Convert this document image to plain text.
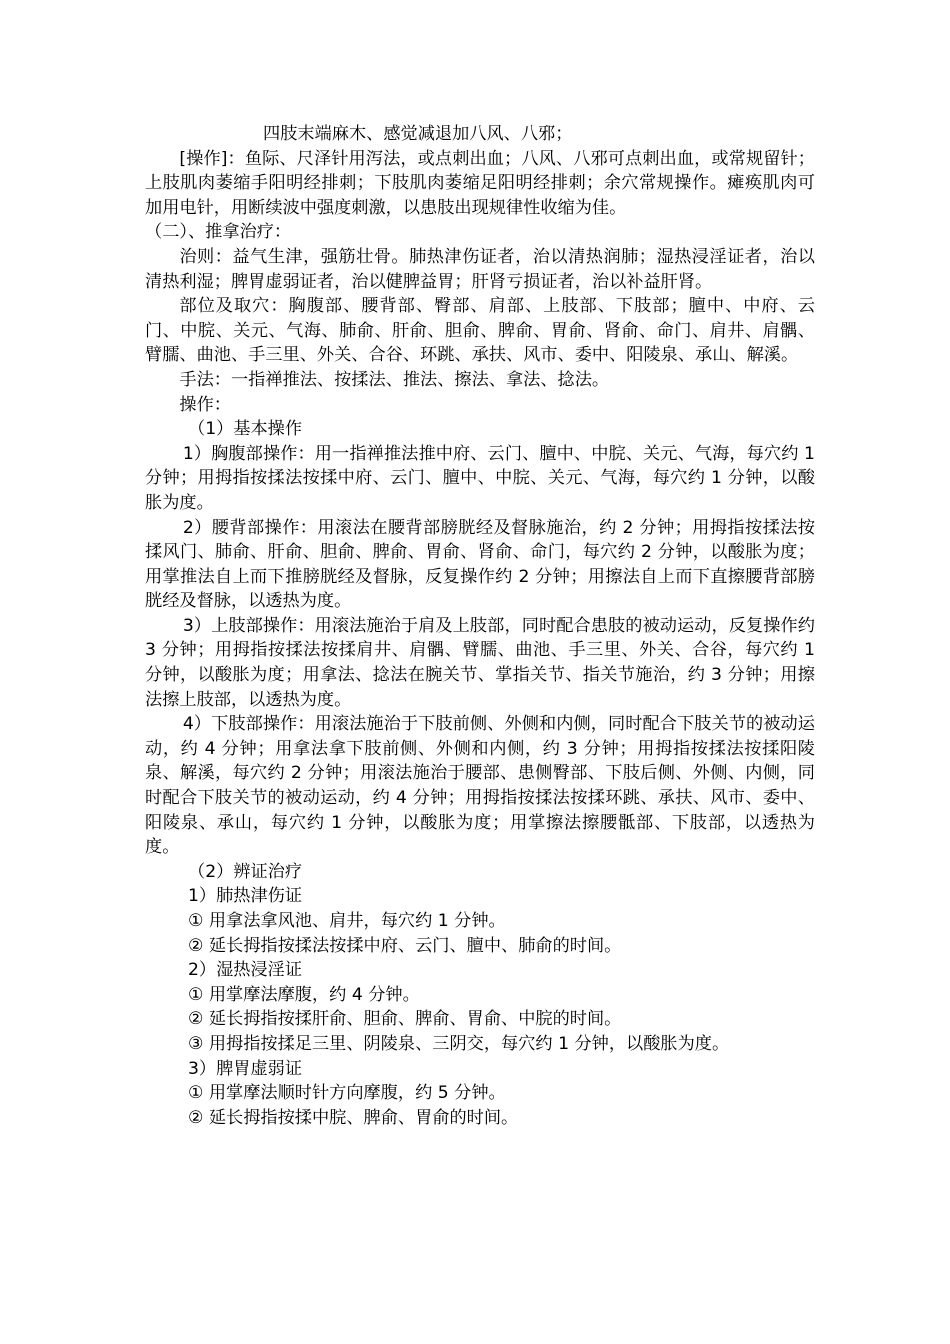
四肢末端麻木、感觉减退加八风、八邪；

[操作]：鱼际、尺泽针用泻法，或点刺出血；八风、八邪可点刺出血，或常规留针；上肢肌肉萎缩手阳明经排刺；下肢肌肉萎缩足阳明经排刺；余穴常规操作。瘫痪肌肉可加用电针，用断续波中强度刺激，以患肢出现规律性收缩为佳。

（二）、推拿治疗：

治则：益气生津，强筋壮骨。肺热津伤证者，治以清热润肺；湿热浸淫证者，治以清热利湿；脾胃虚弱证者，治以健脾益胃；肝肾亏损证者，治以补益肝肾。

部位及取穴：胸腹部、腰背部、臀部、肩部、上肢部、下肢部；膻中、中府、云门、中脘、关元、气海、肺俞、肝俞、胆俞、脾俞、胃俞、肾俞、命门、肩井、肩髃、臂臑、曲池、手三里、外关、合谷、环跳、承扶、风市、委中、阳陵泉、承山、解溪。

手法：一指禅推法、按揉法、推法、擦法、拿法、捻法。

操作：

（1）基本操作

1）胸腹部操作：用一指禅推法推中府、云门、膻中、中脘、关元、气海，每穴约 1 分钟；用拇指按揉法按揉中府、云门、膻中、中脘、关元、气海，每穴约 1 分钟，以酸胀为度。

2）腰背部操作：用滚法在腰背部膀胱经及督脉施治，约 2 分钟；用拇指按揉法按揉风门、肺俞、肝俞、胆俞、脾俞、胃俞、肾俞、命门，每穴约 2 分钟，以酸胀为度；用掌推法自上而下推膀胱经及督脉，反复操作约 2 分钟；用擦法自上而下直擦腰背部膀胱经及督脉，以透热为度。

3）上肢部操作：用滚法施治于肩及上肢部，同时配合患肢的被动运动，反复操作约 3 分钟；用拇指按揉法按揉肩井、肩髃、臂臑、曲池、手三里、外关、合谷，每穴约 1 分钟，以酸胀为度；用拿法、捻法在腕关节、掌指关节、指关节施治，约 3 分钟；用擦法擦上肢部，以透热为度。

4）下肢部操作：用滚法施治于下肢前侧、外侧和内侧，同时配合下肢关节的被动运动，约 4 分钟；用拿法拿下肢前侧、外侧和内侧，约 3 分钟；用拇指按揉法按揉阳陵泉、解溪，每穴约 2 分钟；用滚法施治于腰部、患侧臀部、下肢后侧、外侧、内侧，同时配合下肢关节的被动运动，约 4 分钟；用拇指按揉法按揉环跳、承扶、风市、委中、阳陵泉、承山，每穴约 1 分钟，以酸胀为度；用掌擦法擦腰骶部、下肢部，以透热为度。

（2）辨证治疗

1）肺热津伤证

① 用拿法拿风池、肩井，每穴约 1 分钟。

② 延长拇指按揉法按揉中府、云门、膻中、肺俞的时间。

2）湿热浸淫证

① 用掌摩法摩腹，约 4 分钟。

② 延长拇指按揉肝俞、胆俞、脾俞、胃俞、中脘的时间。

③ 用拇指按揉足三里、阴陵泉、三阴交，每穴约 1 分钟，以酸胀为度。

3）脾胃虚弱证

① 用掌摩法顺时针方向摩腹，约 5 分钟。

② 延长拇指按揉中脘、脾俞、胃俞的时间。
